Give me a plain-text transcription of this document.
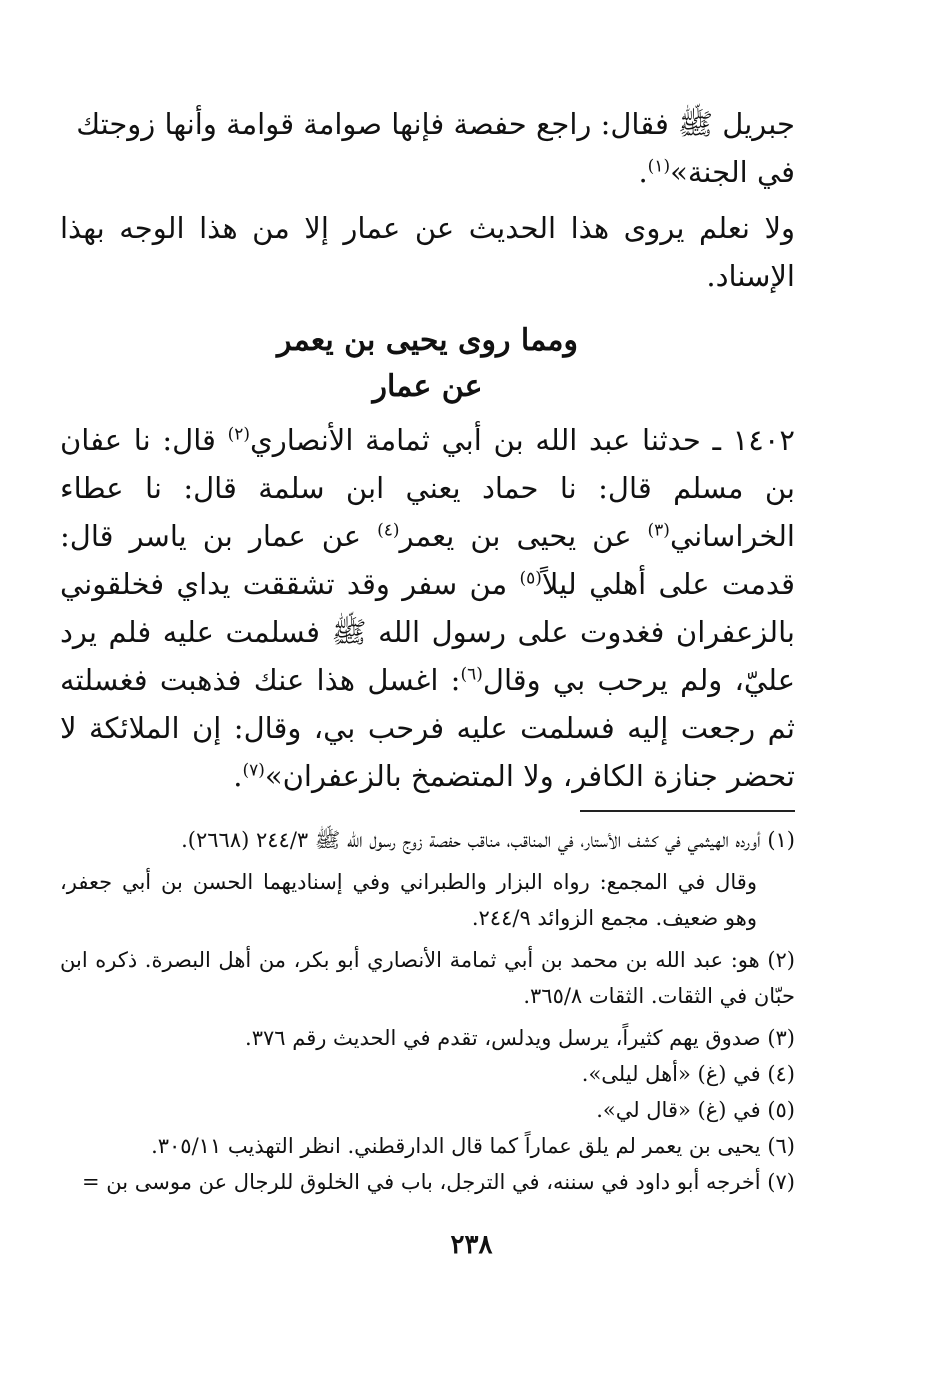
جبريل ﷺ فقال: راجع حفصة فإنها صوامة قوامة وأنها زوجتك
في الجنة»$^{(١)}$.

ولا نعلم يروى هذا الحديث عن عمار إلا من هذا الوجه بهذا الإسناد.

ومما روى يحيى بن يعمر
عن عمار

١٤٠٢ ـ حدثنا عبد الله بن أبي ثمامة الأنصاري$^{(٢)}$ قال: نا عفان بن مسلم قال: نا حماد يعني ابن سلمة قال: نا عطاء الخراساني$^{(٣)}$ عن يحيى بن يعمر$^{(٤)}$ عن عمار بن ياسر قال: قدمت على أهلي ليلاً$^{(٥)}$ من سفر وقد تشققت يداي فخلقوني بالزعفران فغدوت على رسول الله ﷺ فسلمت عليه فلم يرد عليّ، ولم يرحب بي وقال$^{(٦)}$: اغسل هذا عنك فذهبت فغسلته ثم رجعت إليه فسلمت عليه فرحب بي، وقال: إن الملائكة لا تحضر جنازة الكافر، ولا المتضمخ بالزعفران»$^{(٧)}$.

(١) أورده الهيثمي في كشف الأستار، في المناقب، مناقب حفصة زوج رسول الله ﷺ ٢٤٤/٣ (٢٦٦٨).

وقال في المجمع: رواه البزار والطبراني وفي إسناديهما الحسن بن أبي جعفر، وهو ضعيف. مجمع الزوائد ٢٤٤/٩.

(٢) هو: عبد الله بن محمد بن أبي ثمامة الأنصاري أبو بكر، من أهل البصرة. ذكره ابن حبّان في الثقات. الثقات ٣٦٥/٨.

(٣) صدوق يهم كثيراً، يرسل ويدلس، تقدم في الحديث رقم ٣٧٦.

(٤) في (غ) «أهل ليلى».

(٥) في (غ) «قال لي».

(٦) يحيى بن يعمر لم يلق عماراً كما قال الدارقطني. انظر التهذيب ٣٠٥/١١.

(٧) أخرجه أبو داود في سننه، في الترجل، باب في الخلوق للرجال عن موسى بن =

٢٣٨
